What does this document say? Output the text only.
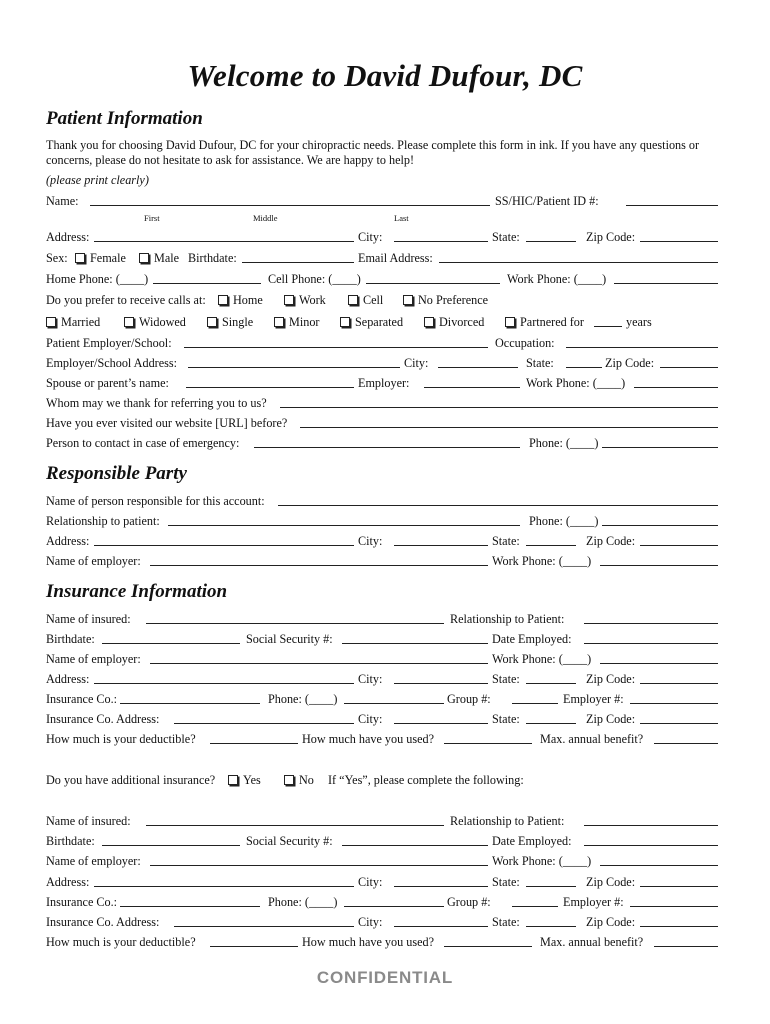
Welcome to David Dufour, DC
Patient Information
Thank you for choosing David Dufour, DC for your chiropractic needs. Please complete this form in ink. If you have any questions or concerns, please do not hesitate to ask for assistance. We are happy to help!
(please print clearly)
Name:	SS/HIC/Patient ID #:
First	Middle	Last
Address:	City:	State:	Zip Code:
Sex:	Female	Male Birthdate:	Email Address:
Home Phone: (____)	Cell Phone: (____)	Work Phone: (____)
Do you prefer to receive calls at:	Home	Work	Cell	No Preference
Married	Widowed	Single	Minor	Separated	Divorced	Partnered for	years
Patient Employer/School:	Occupation:
Employer/School Address:	City:	State:	Zip Code:
Spouse or parent’s name:	Employer:	Work Phone: (____)
Whom may we thank for referring you to us?
Have you ever visited our website [URL] before?
Person to contact in case of emergency:	Phone: (____)
Responsible Party
Name of person responsible for this account:
Relationship to patient:	Phone: (____)
Address:	City:	State:	Zip Code:
Name of employer:	Work Phone: (____)
Insurance Information
Name of insured:	Relationship to Patient:
Birthdate:	Social Security #:	Date Employed:
Name of employer:	Work Phone: (____)
Address:	City:	State:	Zip Code:
Insurance Co.:	Phone: (____)	Group #:	Employer #:
Insurance Co. Address:	City:	State:	Zip Code:
How much is your deductible?	How much have you used?	Max. annual benefit?
Do you have additional insurance?	Yes	No If “Yes”, please complete the following:
Name of insured:	Relationship to Patient:
Birthdate:	Social Security #:	Date Employed:
Name of employer:	Work Phone: (____)
Address:	City:	State:	Zip Code:
Insurance Co.:	Phone: (____)	Group #:	Employer #:
Insurance Co. Address:	City:	State:	Zip Code:
How much is your deductible?	How much have you used?	Max. annual benefit?
CONFIDENTIAL
